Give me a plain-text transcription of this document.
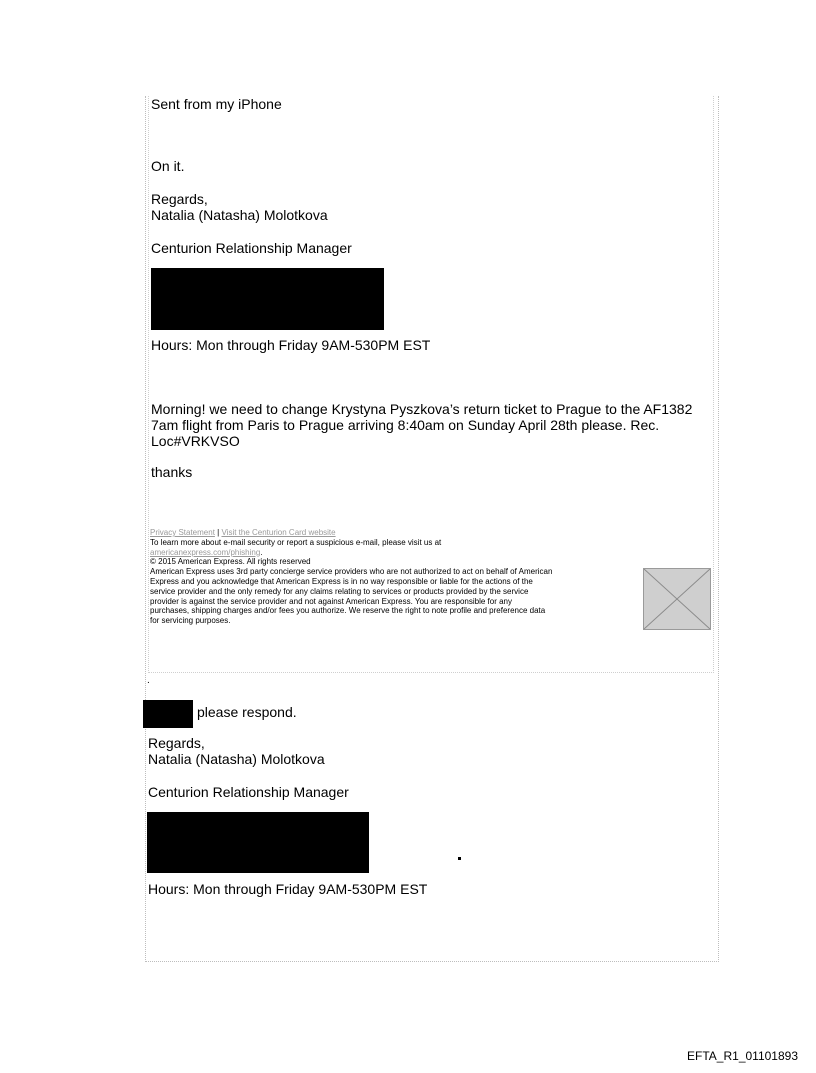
Sent from my iPhone
On it.
Regards,
Natalia (Natasha) Molotkova
Centurion Relationship Manager
Hours: Mon through Friday 9AM-530PM EST
Morning! we need to change Krystyna Pyszkova’s return ticket to Prague to the AF1382
7am flight from Paris to Prague arriving 8:40am on Sunday April 28th please. Rec.
Loc#VRKVSO
thanks
Privacy Statement | Visit the Centurion Card website
To learn more about e-mail security or report a suspicious e-mail, please visit us at
americanexpress.com/phishing.
© 2015 American Express. All rights reserved
American Express uses 3rd party concierge service providers who are not authorized to act on behalf of American
Express and you acknowledge that American Express is in no way responsible or liable for the actions of the
service provider and the only remedy for any claims relating to services or products provided by the service
provider is against the service provider and not against American Express. You are responsible for any
purchases, shipping charges and/or fees you authorize. We reserve the right to note profile and preference data
for servicing purposes.
.
please respond.
Regards,
Natalia (Natasha) Molotkova
Centurion Relationship Manager
Hours: Mon through Friday 9AM-530PM EST
EFTA_R1_01101893
